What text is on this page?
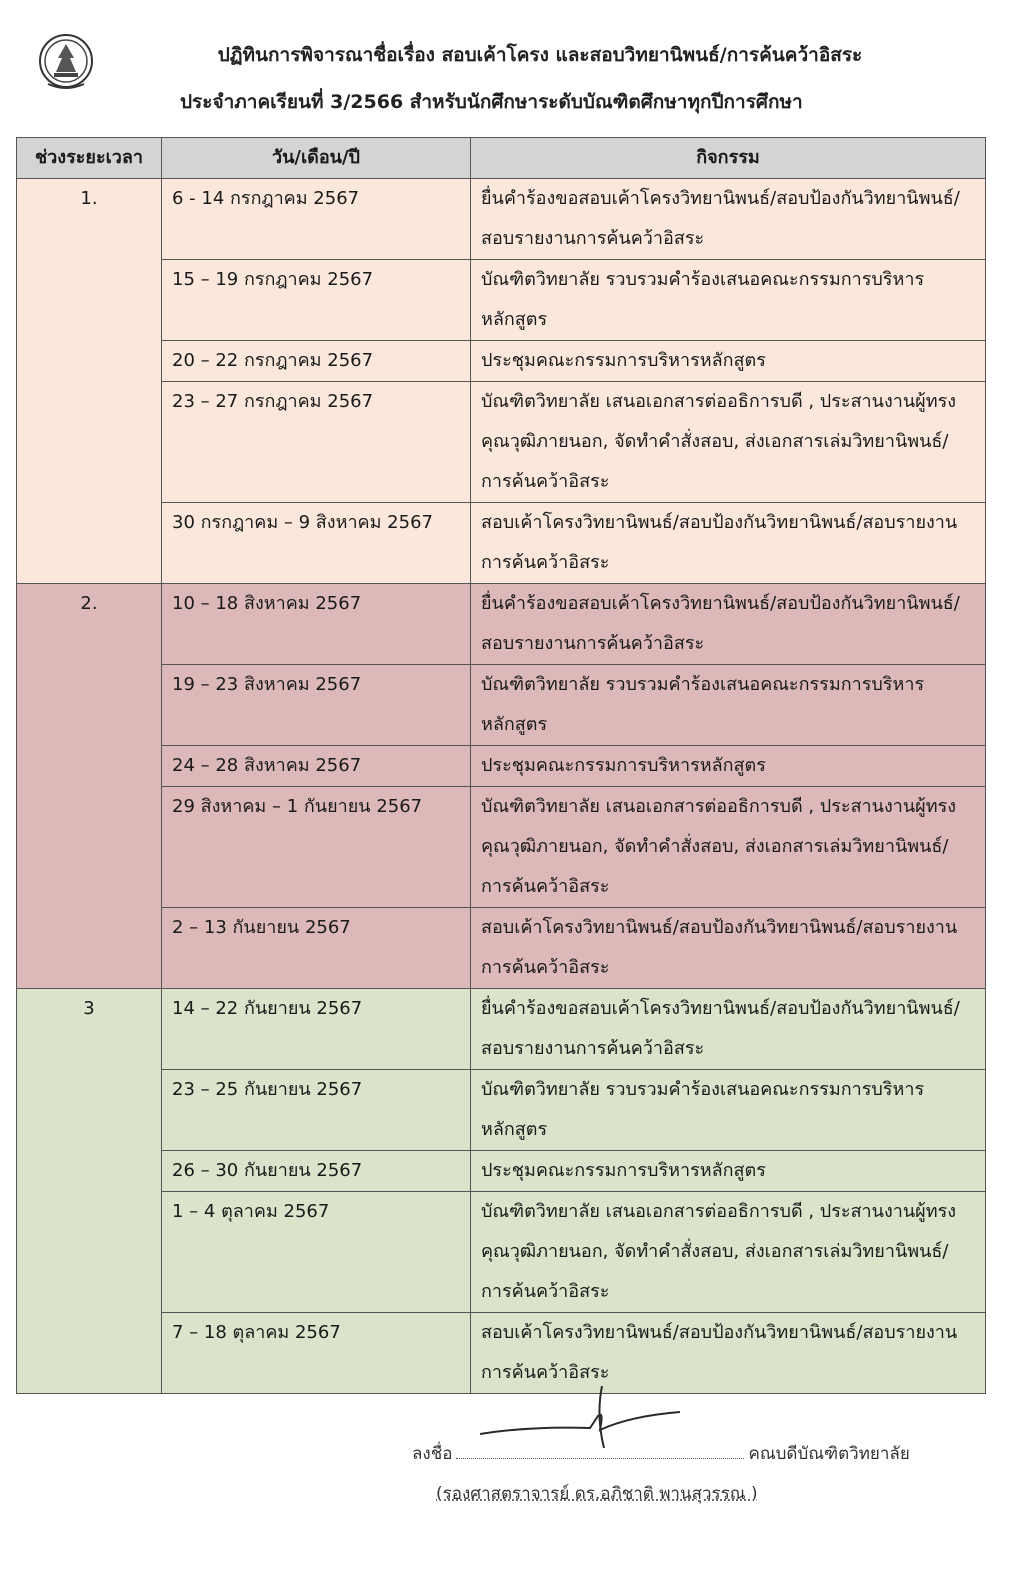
ปฏิทินการพิจารณาชื่อเรื่อง สอบเค้าโครง และสอบวิทยานิพนธ์/การค้นคว้าอิสระ
ประจำภาคเรียนที่ 3/2566 สำหรับนักศึกษาระดับบัณฑิตศึกษาทุกปีการศึกษา
ช่วงระยะเวลา	วัน/เดือน/ปี	กิจกรรม
1.	6 - 14 กรกฎาคม 2567	ยื่นคำร้องขอสอบเค้าโครงวิทยานิพนธ์/สอบป้องกันวิทยานิพนธ์/สอบรายงานการค้นคว้าอิสระ
	15 – 19 กรกฎาคม 2567	บัณฑิตวิทยาลัย รวบรวมคำร้องเสนอคณะกรรมการบริหารหลักสูตร
	20 – 22 กรกฎาคม 2567	ประชุมคณะกรรมการบริหารหลักสูตร
	23 – 27 กรกฎาคม 2567	บัณฑิตวิทยาลัย เสนอเอกสารต่ออธิการบดี , ประสานงานผู้ทรงคุณวุฒิภายนอก, จัดทำคำสั่งสอบ, ส่งเอกสารเล่มวิทยานิพนธ์/การค้นคว้าอิสระ
	30 กรกฎาคม – 9 สิงหาคม 2567	สอบเค้าโครงวิทยานิพนธ์/สอบป้องกันวิทยานิพนธ์/สอบรายงานการค้นคว้าอิสระ
2.	10 – 18 สิงหาคม 2567	ยื่นคำร้องขอสอบเค้าโครงวิทยานิพนธ์/สอบป้องกันวิทยานิพนธ์/สอบรายงานการค้นคว้าอิสระ
	19 – 23 สิงหาคม 2567	บัณฑิตวิทยาลัย รวบรวมคำร้องเสนอคณะกรรมการบริหารหลักสูตร
	24 – 28 สิงหาคม 2567	ประชุมคณะกรรมการบริหารหลักสูตร
	29 สิงหาคม – 1 กันยายน 2567	บัณฑิตวิทยาลัย เสนอเอกสารต่ออธิการบดี , ประสานงานผู้ทรงคุณวุฒิภายนอก, จัดทำคำสั่งสอบ, ส่งเอกสารเล่มวิทยานิพนธ์/การค้นคว้าอิสระ
	2 – 13 กันยายน 2567	สอบเค้าโครงวิทยานิพนธ์/สอบป้องกันวิทยานิพนธ์/สอบรายงานการค้นคว้าอิสระ
3	14 – 22 กันยายน 2567	ยื่นคำร้องขอสอบเค้าโครงวิทยานิพนธ์/สอบป้องกันวิทยานิพนธ์/สอบรายงานการค้นคว้าอิสระ
	23 – 25 กันยายน 2567	บัณฑิตวิทยาลัย รวบรวมคำร้องเสนอคณะกรรมการบริหารหลักสูตร
	26 – 30 กันยายน 2567	ประชุมคณะกรรมการบริหารหลักสูตร
	1 – 4 ตุลาคม 2567	บัณฑิตวิทยาลัย เสนอเอกสารต่ออธิการบดี , ประสานงานผู้ทรงคุณวุฒิภายนอก, จัดทำคำสั่งสอบ, ส่งเอกสารเล่มวิทยานิพนธ์/การค้นคว้าอิสระ
	7 – 18 ตุลาคม 2567	สอบเค้าโครงวิทยานิพนธ์/สอบป้องกันวิทยานิพนธ์/สอบรายงานการค้นคว้าอิสระ
ลงชื่อ	คณบดีบัณฑิตวิทยาลัย
(รองศาสตราจารย์ ดร.อภิชาติ พานสุวรรณ )
